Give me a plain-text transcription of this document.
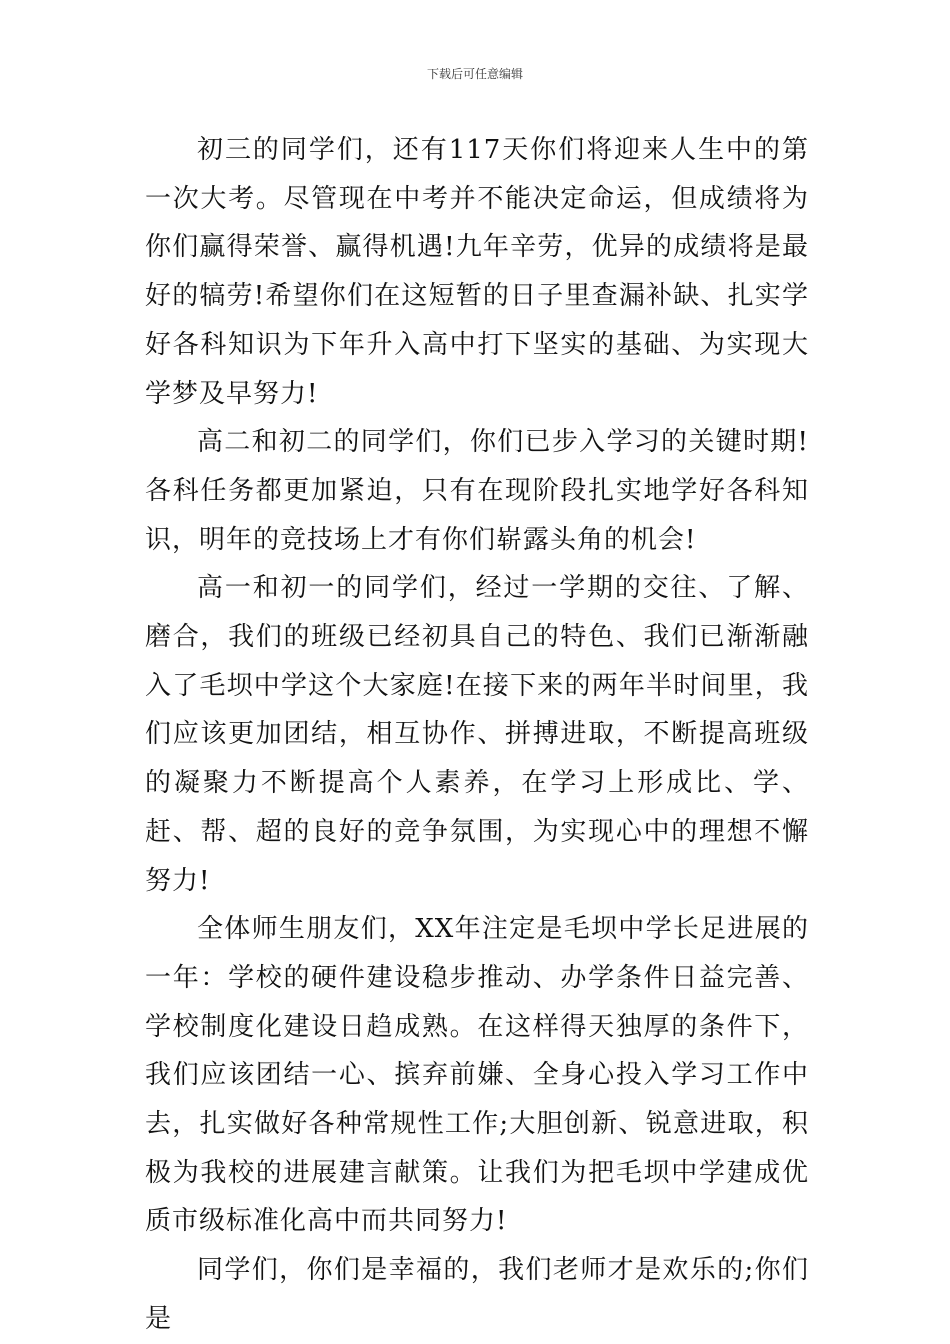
下载后可任意编辑

初三的同学们，还有117天你们将迎来人生中的第一次大考。尽管现在中考并不能决定命运，但成绩将为你们赢得荣誉、赢得机遇!九年辛劳，优异的成绩将是最好的犒劳!希望你们在这短暂的日子里查漏补缺、扎实学好各科知识为下年升入高中打下坚实的基础、为实现大学梦及早努力!

高二和初二的同学们，你们已步入学习的关键时期!各科任务都更加紧迫，只有在现阶段扎实地学好各科知识，明年的竞技场上才有你们崭露头角的机会!

高一和初一的同学们，经过一学期的交往、了解、磨合，我们的班级已经初具自己的特色、我们已渐渐融入了毛坝中学这个大家庭!在接下来的两年半时间里，我们应该更加团结，相互协作、拼搏进取，不断提高班级的凝聚力不断提高个人素养，在学习上形成比、学、赶、帮、超的良好的竞争氛围，为实现心中的理想不懈努力!

全体师生朋友们，XX年注定是毛坝中学长足进展的一年：学校的硬件建设稳步推动、办学条件日益完善、学校制度化建设日趋成熟。在这样得天独厚的条件下，我们应该团结一心、摈弃前嫌、全身心投入学习工作中去，扎实做好各种常规性工作;大胆创新、锐意进取，积极为我校的进展建言献策。让我们为把毛坝中学建成优质市级标准化高中而共同努力!

同学们，你们是幸福的，我们老师才是欢乐的;你们是
